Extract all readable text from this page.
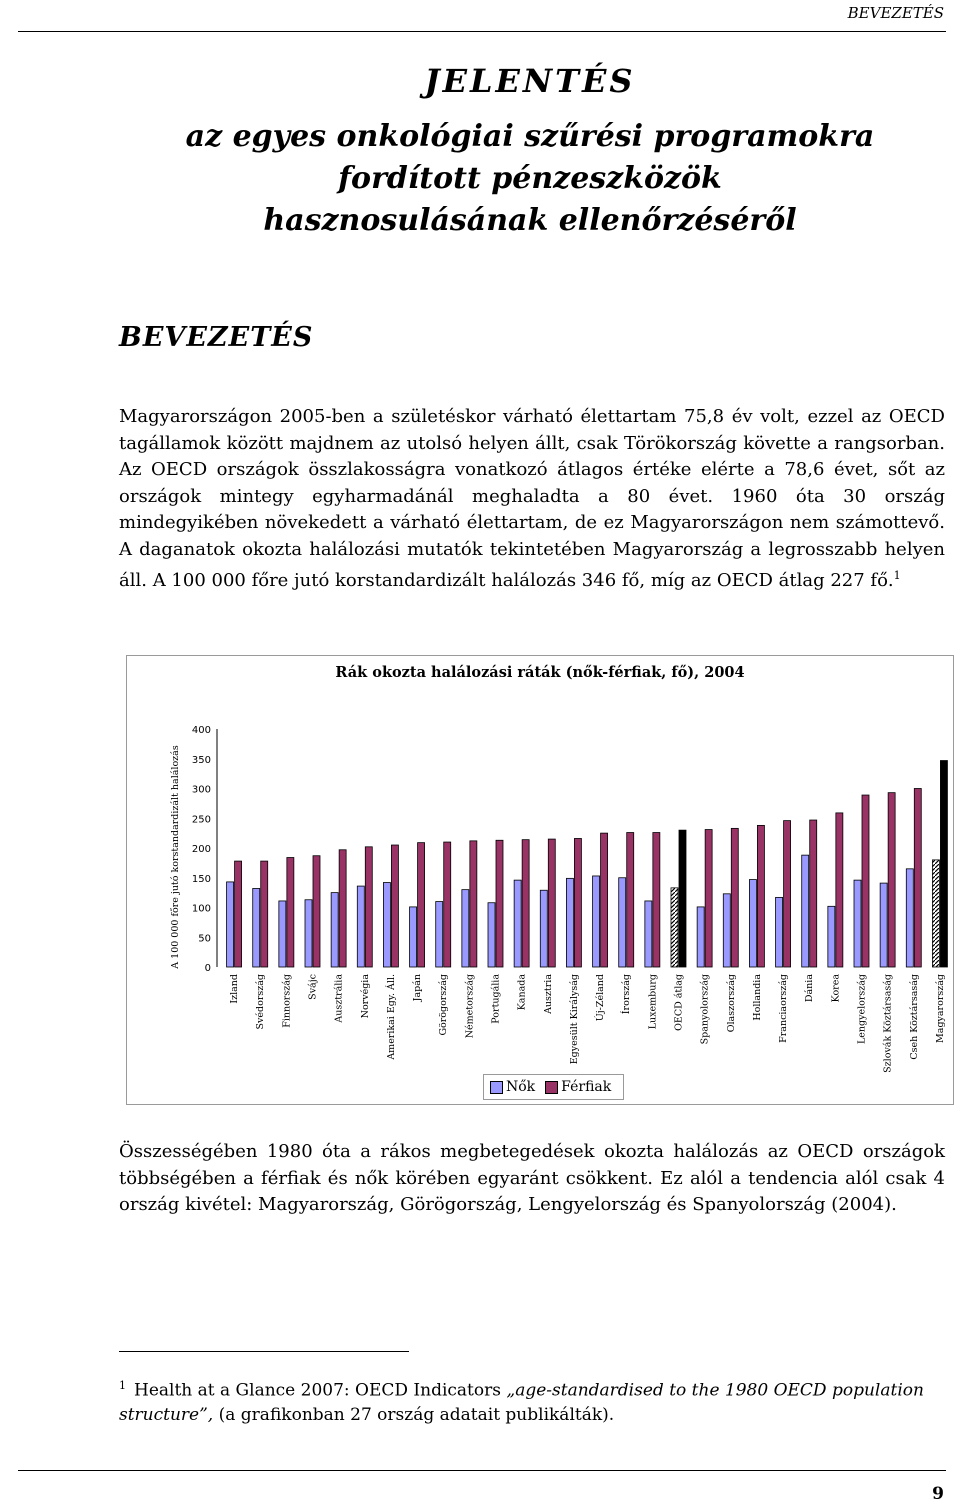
BEVEZETÉS
JELENTÉS
az egyes onkológiai szűrési programokra
fordított pénzeszközök
hasznosulásának ellenőrzéséről
BEVEZETÉS
Magyarországon 2005-ben a születéskor várható élettartam 75,8 év volt, ezzel az OECD tagállamok között majdnem az utolsó helyen állt, csak Törökország követte a rangsorban. Az OECD országok összlakosságra vonatkozó átlagos értéke elérte a 78,6 évet, sőt az országok mintegy egyharmadánál meghaladta a 80 évet. 1960 óta 30 ország mindegyikében növekedett a várható élettartam, de ez Magyarországon nem számottevő. A daganatok okozta halálozási mutatók tekintetében Magyarország a legrosszabb helyen áll. A 100 000 főre jutó korstandardizált halálozás 346 fő, míg az OECD átlag 227 fő.$^1$
Rák okozta halálozási ráták (nők-férfiak, fő), 2004
A 100 000 főre jutó korstandardizált halálozás 0
50
100
150
200
250
300
350
400
Izland Svédország Finnország Svájc Ausztrália Norvégia Amerikai Egy. Áll. Japán Görögország Németország Portugália Kanada Ausztria Egyesült Királyság Új-Zéland Írország Luxemburg OECD átlag Spanyolország Olaszország Hollandia Franciaország Dánia Korea Lengyelország Szlovák Köztársaság Cseh Köztársaság Magyarország
Nők Férfiak
Összességében 1980 óta a rákos megbetegedések okozta halálozás az OECD országok többségében a férfiak és nők körében egyaránt csökkent. Ez alól a tendencia alól csak 4 ország kivétel: Magyarország, Görögország, Lengyelország és Spanyolország (2004).
$^1$ Health at a Glance 2007: OECD Indicators „age-standardised to the 1980 OECD population structure”, (a grafikonban 27 ország adatait publikálták).
9
